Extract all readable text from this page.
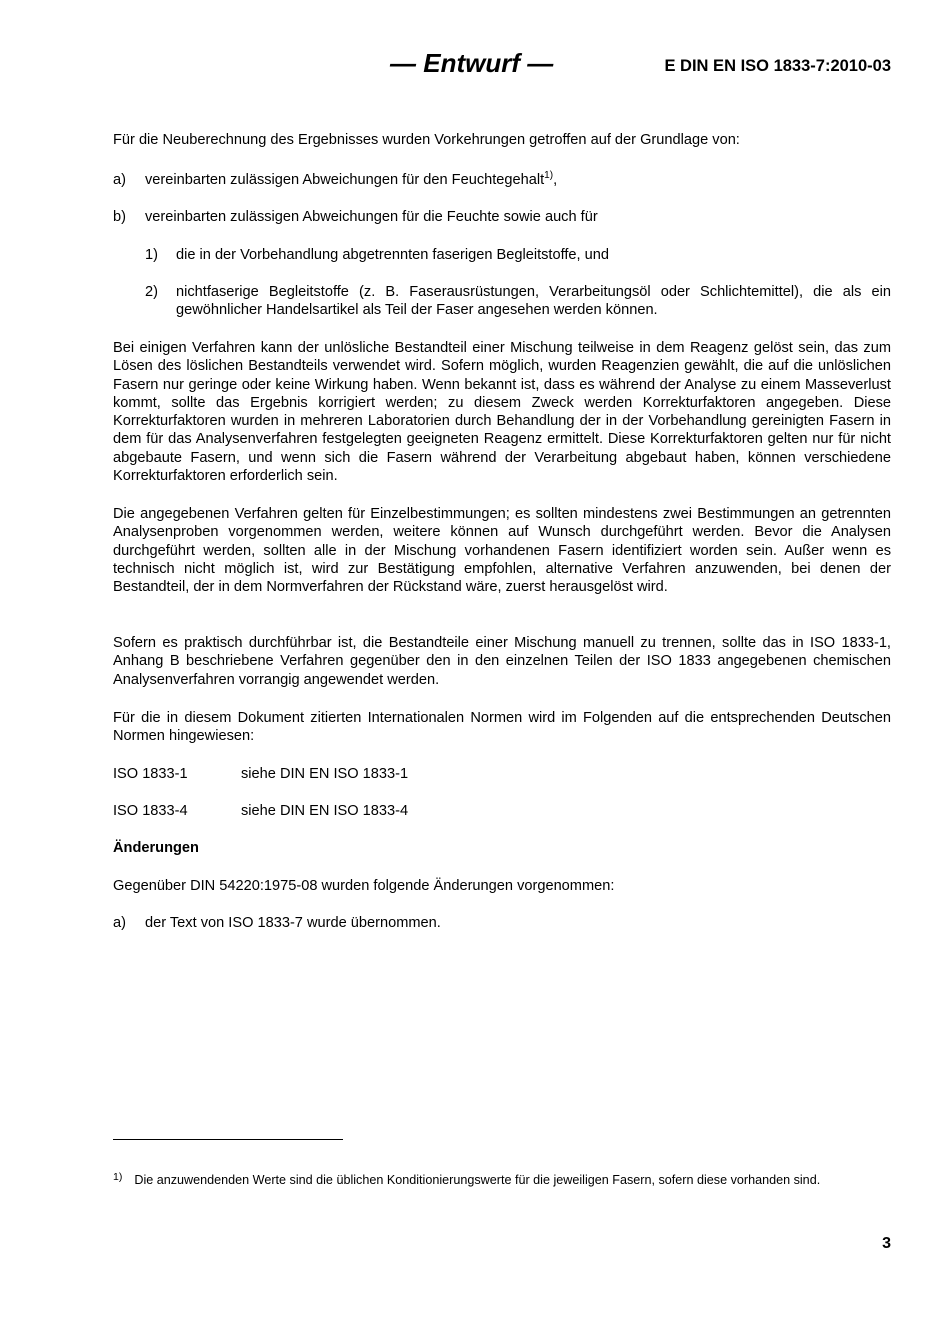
— Entwurf —	E DIN EN ISO 1833-7:2010-03
Für die Neuberechnung des Ergebnisses wurden Vorkehrungen getroffen auf der Grundlage von:
a) vereinbarten zulässigen Abweichungen für den Feuchtegehalt$^{1)}$,
b) vereinbarten zulässigen Abweichungen für die Feuchte sowie auch für
1) die in der Vorbehandlung abgetrennten faserigen Begleitstoffe, und
2) nichtfaserige Begleitstoffe (z. B. Faserausrüstungen, Verarbeitungsöl oder Schlichtemittel), die als ein gewöhnlicher Handelsartikel als Teil der Faser angesehen werden können.
Bei einigen Verfahren kann der unlösliche Bestandteil einer Mischung teilweise in dem Reagenz gelöst sein, das zum Lösen des löslichen Bestandteils verwendet wird. Sofern möglich, wurden Reagenzien gewählt, die auf die unlöslichen Fasern nur geringe oder keine Wirkung haben. Wenn bekannt ist, dass es während der Analyse zu einem Masseverlust kommt, sollte das Ergebnis korrigiert werden; zu diesem Zweck werden Korrekturfaktoren angegeben. Diese Korrekturfaktoren wurden in mehreren Laboratorien durch Behandlung der in der Vorbehandlung gereinigten Fasern in dem für das Analysenverfahren festgelegten geeigneten Reagenz ermittelt. Diese Korrekturfaktoren gelten nur für nicht abgebaute Fasern, und wenn sich die Fasern während der Verarbeitung abgebaut haben, können verschiedene Korrekturfaktoren erforderlich sein.
Die angegebenen Verfahren gelten für Einzelbestimmungen; es sollten mindestens zwei Bestimmungen an getrennten Analysenproben vorgenommen werden, weitere können auf Wunsch durchgeführt werden. Bevor die Analysen durchgeführt werden, sollten alle in der Mischung vorhandenen Fasern identifiziert worden sein. Außer wenn es technisch nicht möglich ist, wird zur Bestätigung empfohlen, alternative Verfahren anzuwenden, bei denen der Bestandteil, der in dem Normverfahren der Rückstand wäre, zuerst herausgelöst wird.
Sofern es praktisch durchführbar ist, die Bestandteile einer Mischung manuell zu trennen, sollte das in ISO 1833-1, Anhang B beschriebene Verfahren gegenüber den in den einzelnen Teilen der ISO 1833 angegebenen chemischen Analysenverfahren vorrangig angewendet werden.
Für die in diesem Dokument zitierten Internationalen Normen wird im Folgenden auf die entsprechenden Deutschen Normen hingewiesen:
ISO 1833-1	siehe DIN EN ISO 1833-1
ISO 1833-4	siehe DIN EN ISO 1833-4
Änderungen
Gegenüber DIN 54220:1975-08 wurden folgende Änderungen vorgenommen:
a) der Text von ISO 1833-7 wurde übernommen.
$^{1)}$ Die anzuwendenden Werte sind die üblichen Konditionierungswerte für die jeweiligen Fasern, sofern diese vorhanden sind.
3
